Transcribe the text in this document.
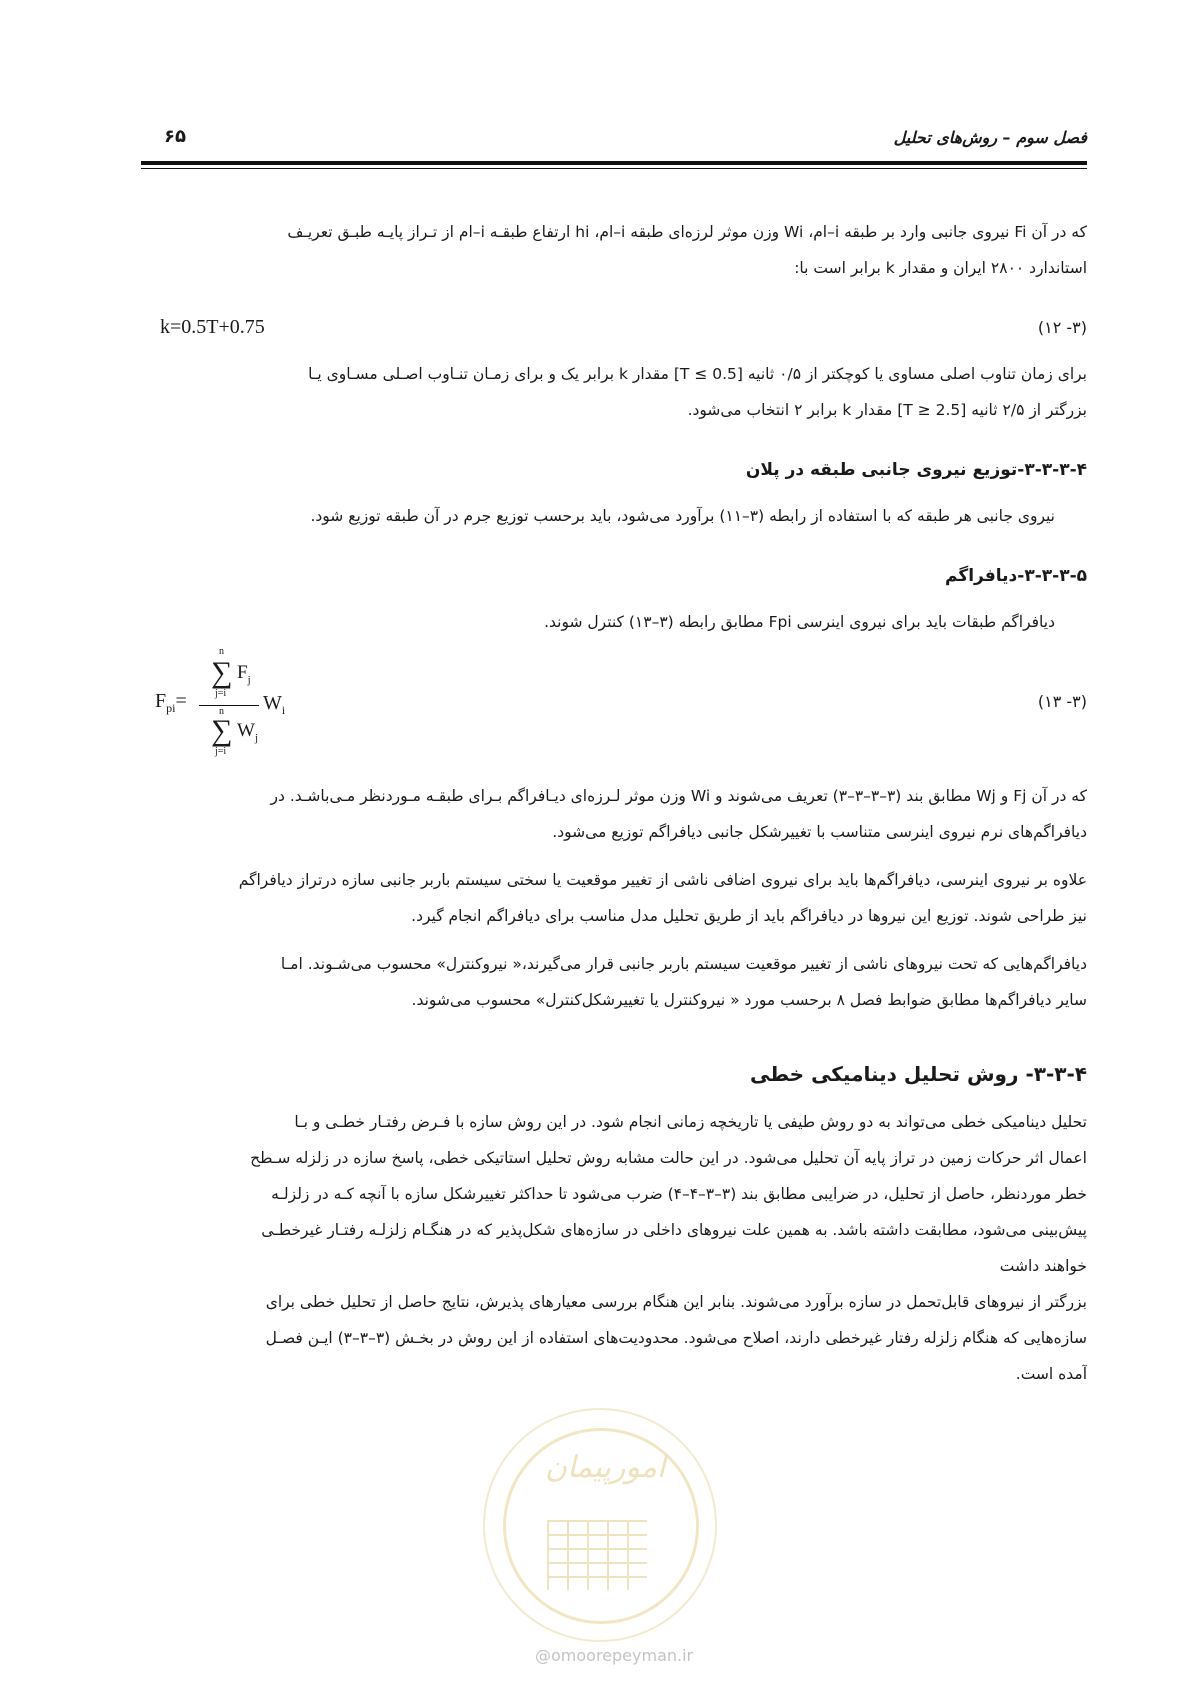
فصل سوم – روش‌های تحلیل
۶۵
که در آن Fi نیروی جانبی وارد بر طبقه i–ام، Wi وزن موثر لرزه‌ای طبقه i–ام، hi ارتفاع طبقـه i–ام از تـراز پایـه طبـق تعریـف
استاندارد ۲۸۰۰ ایران و مقدار k برابر است با:
k=0.5T+0.75	(۳- ۱۲)
برای زمان تناوب اصلی مساوی یا کوچکتر از ۰/۵ ثانیه [T ≤ 0.5] مقدار k برابر یک و برای زمـان تنـاوب اصـلی مسـاوی یـا
بزرگتر از ۲/۵ ثانیه [T ≥ 2.5] مقدار k برابر ۲ انتخاب می‌شود.
۳-۳-۳-۴-توزیع نیروی جانبی طبقه در پلان
نیروی جانبی هر طبقه که با استفاده از رابطه (۳–۱۱) برآورد می‌شود، باید برحسب توزیع جرم در آن طبقه توزیع شود.
۳-۳-۳-۵-دیافراگم
دیافراگم طبقات باید برای نیروی اینرسی Fpi مطابق رابطه (۳–۱۳) کنترل شوند.
$F_{pi}=$
n
∑
j=i
$F_j$
n
∑
j=i
$W_j$
$W_i$	(۳- ۱۳)
که در آن Fj و Wj مطابق بند (۳–۳–۳–۳) تعریف می‌شوند و Wi وزن موثر لـرزه‌ای دیـافراگم بـرای طبقـه مـوردنظر مـی‌باشـد. در
دیافراگم‌های نرم نیروی اینرسی متناسب با تغییرشکل جانبی دیافراگم توزیع می‌شود.
علاوه بر نیروی اینرسی، دیافراگم‌ها باید برای نیروی اضافی ناشی از تغییر موقعیت یا سختی سیستم باربر جانبی سازه درتراز دیافراگم
نیز طراحی شوند. توزیع این نیروها در دیافراگم باید از طریق تحلیل مدل مناسب برای دیافراگم انجام گیرد.
دیافراگم‌هایی که تحت نیروهای ناشی از تغییر موقعیت سیستم باربر جانبی قرار می‌گیرند،« نیروکنترل» محسوب می‌شـوند. امـا
سایر دیافراگم‌ها مطابق ضوابط فصل ۸ برحسب مورد « نیروکنترل یا تغییرشکل‌کنترل» محسوب می‌شوند.
۳-۳-۴- روش تحلیل دینامیکی خطی
تحلیل دینامیکی خطی می‌تواند به دو روش طیفی یا تاریخچه زمانی انجام شود. در این روش سازه با فـرض رفتـار خطـی و بـا
اعمال اثر حرکات زمین در تراز پایه آن تحلیل می‌شود. در این حالت مشابه روش تحلیل استاتیکی خطی، پاسخ سازه در زلزله سـطح
خطر موردنظر، حاصل از تحلیل، در ضرایبی مطابق بند (۳–۳–۴–۴) ضرب می‌شود تا حداکثر تغییرشکل سازه با آنچه کـه در زلزلـه
پیش‌بینی می‌شود، مطابقت داشته باشد. به همین علت نیروهای داخلی در سازه‌های شکل‌پذیر که در هنگـام زلزلـه رفتـار غیرخطـی
خواهند داشت
بزرگتر از نیروهای قابل‌تحمل در سازه برآورد می‌شوند. بنابر این هنگام بررسی معیارهای پذیرش، نتایج حاصل از تحلیل خطی برای
سازه‌هایی که هنگام زلزله رفتار غیرخطی دارند، اصلاح می‌شود. محدودیت‌های استفاده از این روش در بخـش (۳–۳–۳) ایـن فصـل
آمده است.
امورپیمان
@omoorepeyman.ir
